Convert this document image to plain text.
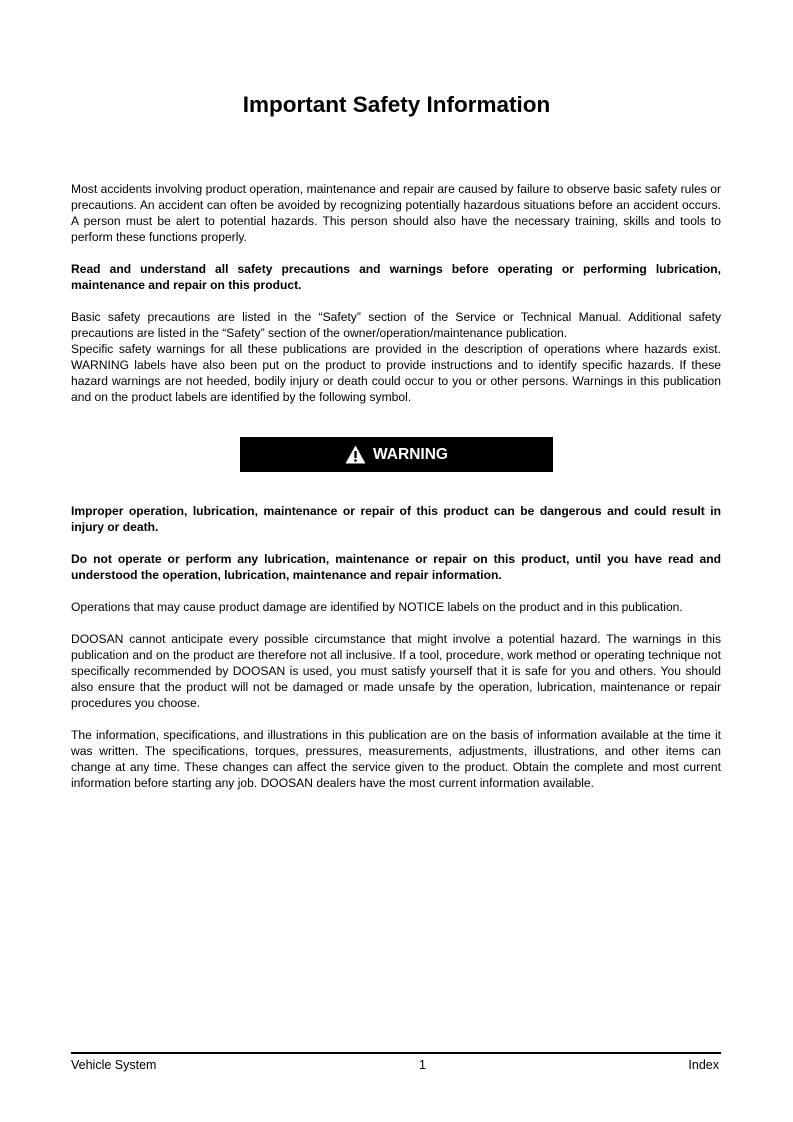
Important Safety Information

Most accidents involving product operation, maintenance and repair are caused by failure to observe basic safety rules or precautions. An accident can often be avoided by recognizing potentially hazardous situations before an accident occurs. A person must be alert to potential hazards. This person should also have the necessary training, skills and tools to perform these functions properly.

Read and understand all safety precautions and warnings before operating or performing lubrication, maintenance and repair on this product.

Basic safety precautions are listed in the “Safety” section of the Service or Technical Manual. Additional safety precautions are listed in the “Safety” section of the owner/operation/maintenance publication.

Specific safety warnings for all these publications are provided in the description of operations where hazards exist. WARNING labels have also been put on the product to provide instructions and to identify specific hazards. If these hazard warnings are not heeded, bodily injury or death could occur to you or other persons. Warnings in this publication and on the product labels are identified by the following symbol.

WARNING

Improper operation, lubrication, maintenance or repair of this product can be dangerous and could result in injury or death.

Do not operate or perform any lubrication, maintenance or repair on this product, until you have read and understood the operation, lubrication, maintenance and repair information.

Operations that may cause product damage are identified by NOTICE labels on the product and in this publication.

DOOSAN cannot anticipate every possible circumstance that might involve a potential hazard. The warnings in this publication and on the product are therefore not all inclusive. If a tool, procedure, work method or operating technique not specifically recommended by DOOSAN is used, you must satisfy yourself that it is safe for you and others. You should also ensure that the product will not be damaged or made unsafe by the operation, lubrication, maintenance or repair procedures you choose.

The information, specifications, and illustrations in this publication are on the basis of information available at the time it was written. The specifications, torques, pressures, measurements, adjustments, illustrations, and other items can change at any time. These changes can affect the service given to the product. Obtain the complete and most current information before starting any job. DOOSAN dealers have the most current information available.

Vehicle System	1	Index
